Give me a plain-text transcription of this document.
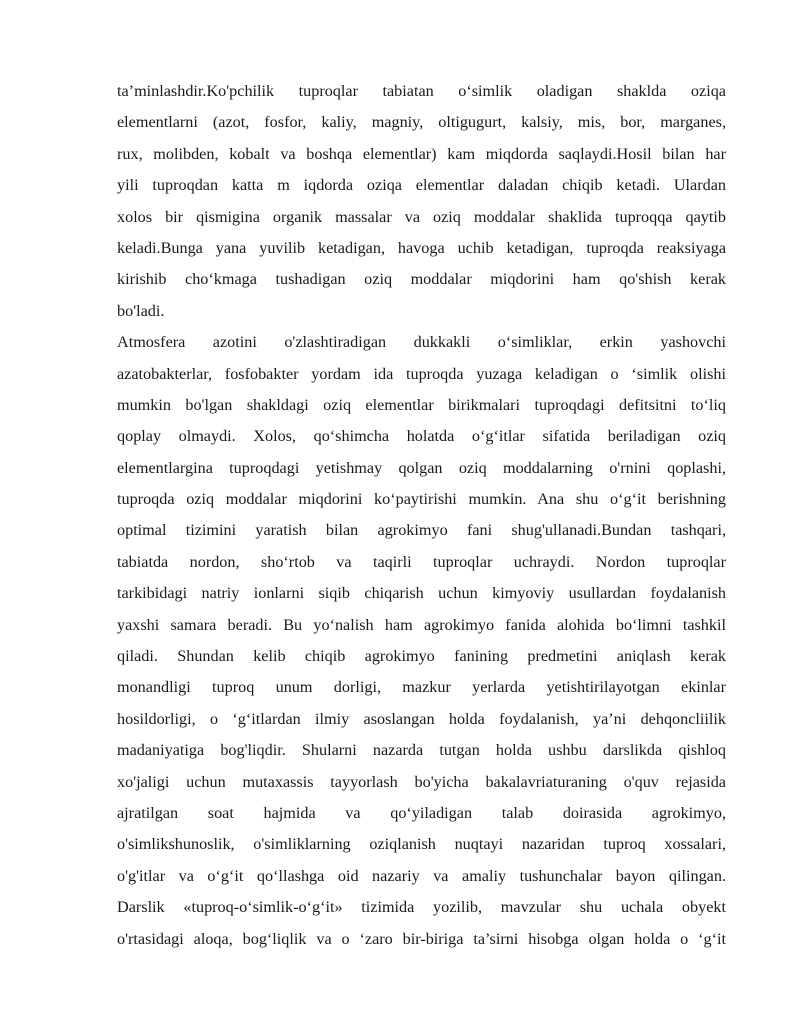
ta’minlashdir.Ko'pchilik tuproqlar tabiatan o‘simlik oladigan shaklda oziqa
elementlarni (azot, fosfor, kaliy, magniy, oltigugurt, kalsiy, mis, bor, marganes,
rux, molibden, kobalt va boshqa elementlar) kam miqdorda saqlaydi.Hosil bilan har
yili tuproqdan katta m iqdorda oziqa elementlar daladan chiqib ketadi. Ulardan
xolos bir qismigina organik massalar va oziq moddalar shaklida tuproqqa qaytib
keladi.Bunga yana yuvilib ketadigan, havoga uchib ketadigan, tuproqda reaksiyaga
kirishib cho‘kmaga tushadigan oziq moddalar miqdorini ham qo'shish kerak
bo'ladi.
Atmosfera azotini o'zlashtiradigan dukkakli o‘simliklar, erkin yashovchi
azatobakterlar, fosfobakter yordam ida tuproqda yuzaga keladigan o ‘simlik olishi
mumkin bo'lgan shakldagi oziq elementlar birikmalari tuproqdagi defitsitni to‘liq
qoplay olmaydi. Xolos, qo‘shimcha holatda o‘g‘itlar sifatida beriladigan oziq
elementlargina tuproqdagi yetishmay qolgan oziq moddalarning o'rnini qoplashi,
tuproqda oziq moddalar miqdorini ko‘paytirishi mumkin. Ana shu o‘g‘it berishning
optimal tizimini yaratish bilan agrokimyo fani shug'ullanadi.Bundan tashqari,
tabiatda nordon, sho‘rtob va taqirli tuproqlar uchraydi. Nordon tuproqlar
tarkibidagi natriy ionlarni siqib chiqarish uchun kimyoviy usullardan foydalanish
yaxshi samara beradi. Bu yo‘nalish ham agrokimyo fanida alohida bo‘limni tashkil
qiladi. Shundan kelib chiqib agrokimyo fanining predmetini aniqlash kerak
monandligi tuproq unum dorligi, mazkur yerlarda yetishtirilayotgan ekinlar
hosildorligi, o ‘g‘itlardan ilmiy asoslangan holda foydalanish, ya’ni dehqoncliilik
madaniyatiga bog'liqdir. Shularni nazarda tutgan holda ushbu darslikda qishloq
xo'jaligi uchun mutaxassis tayyorlash bo'yicha bakalavriaturaning o'quv rejasida
ajratilgan soat hajmida va qo‘yiladigan talab doirasida agrokimyo,
o'simlikshunoslik, o'simliklarning oziqlanish nuqtayi nazaridan tuproq xossalari,
o'g'itlar va o‘g‘it qo‘llashga oid nazariy va amaliy tushunchalar bayon qilingan.
Darslik «tuproq-o‘simlik-o‘g‘it» tizimida yozilib, mavzular shu uchala obyekt
o'rtasidagi aloqa, bog‘liqlik va o ‘zaro bir-biriga ta’sirni hisobga olgan holda o ‘g‘it
